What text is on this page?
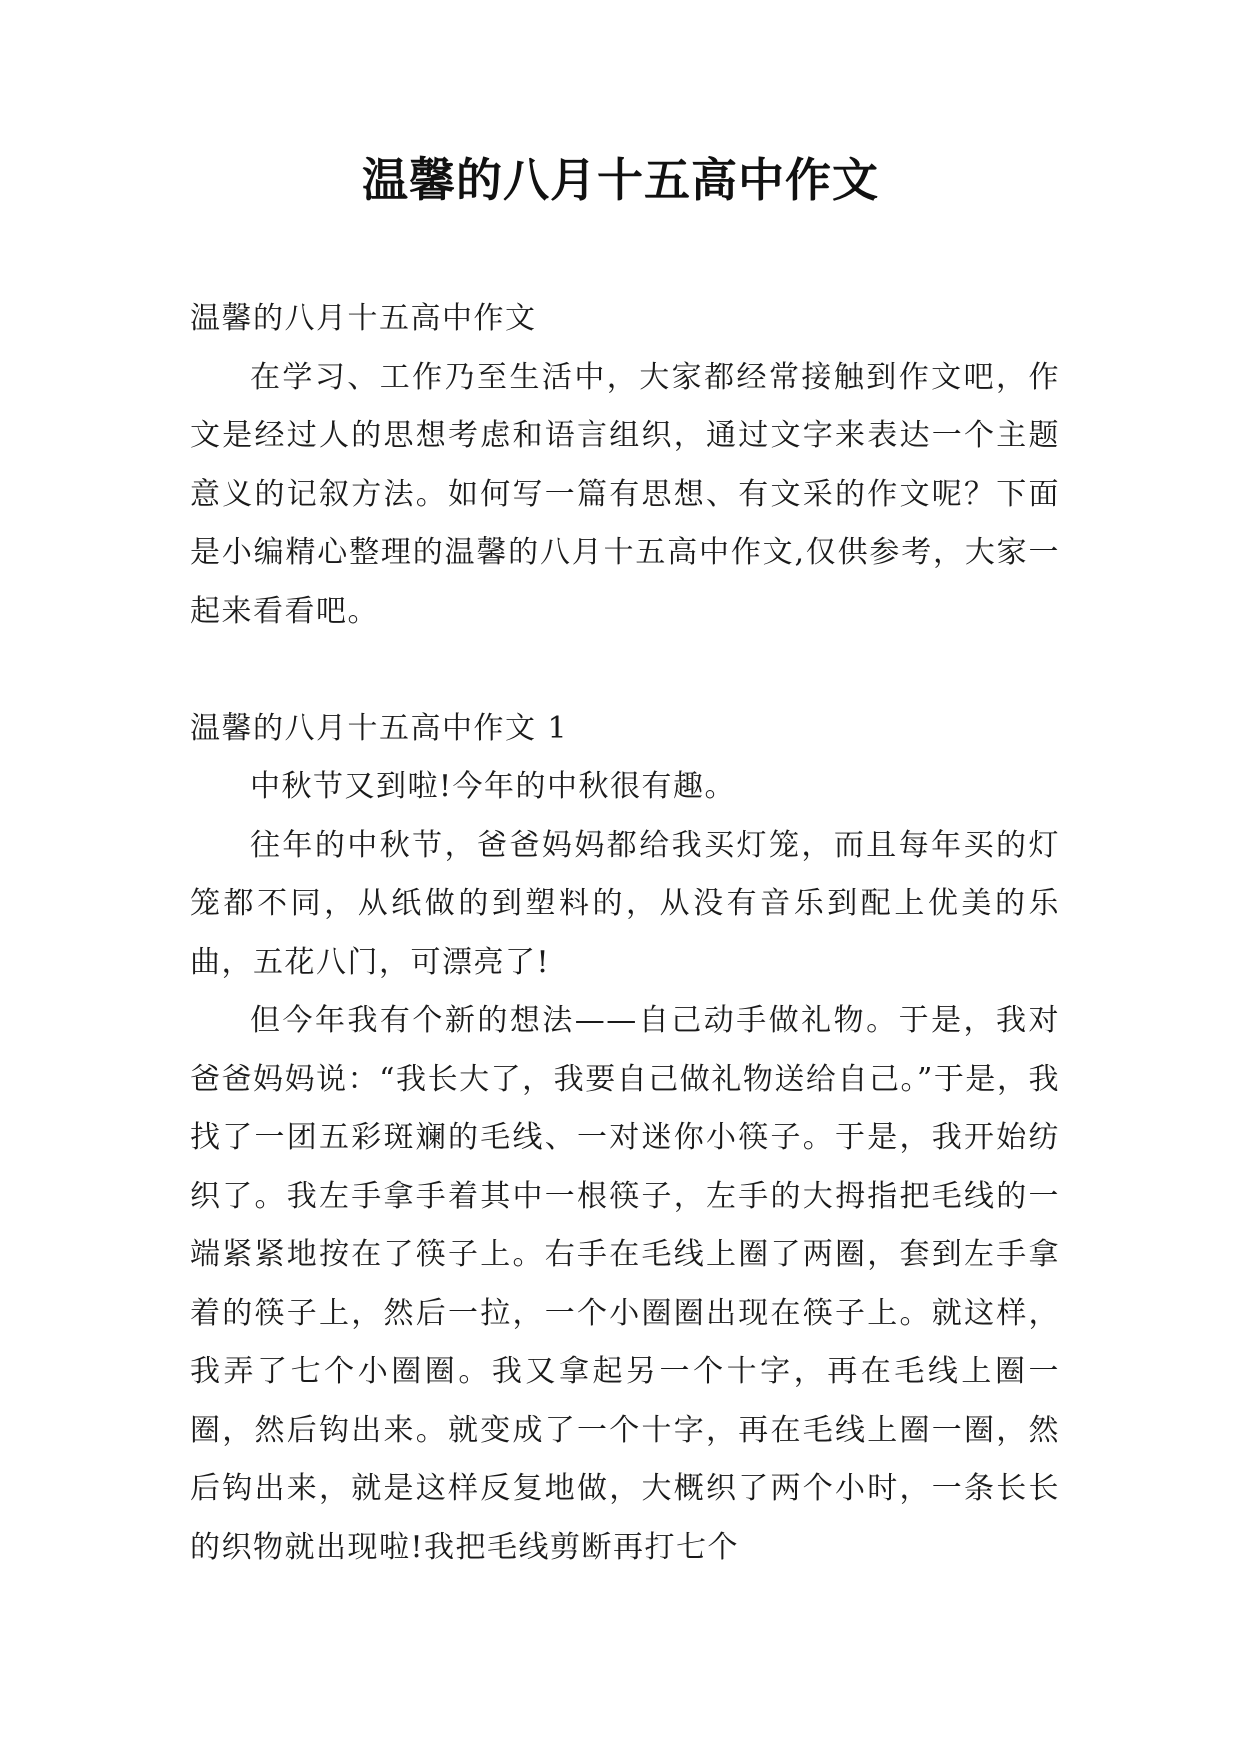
温馨的八月十五高中作文

温馨的八月十五高中作文

在学习、工作乃至生活中，大家都经常接触到作文吧，作文是经过人的思想考虑和语言组织，通过文字来表达一个主题意义的记叙方法。如何写一篇有思想、有文采的作文呢？下面是小编精心整理的温馨的八月十五高中作文,仅供参考，大家一起来看看吧。

温馨的八月十五高中作文 1

中秋节又到啦!今年的中秋很有趣。

往年的中秋节，爸爸妈妈都给我买灯笼，而且每年买的灯笼都不同，从纸做的到塑料的，从没有音乐到配上优美的乐曲，五花八门，可漂亮了!

但今年我有个新的想法——自己动手做礼物。于是，我对爸爸妈妈说：“我长大了，我要自己做礼物送给自己。”于是，我找了一团五彩斑斓的毛线、一对迷你小筷子。于是，我开始纺织了。我左手拿手着其中一根筷子，左手的大拇指把毛线的一端紧紧地按在了筷子上。右手在毛线上圈了两圈，套到左手拿着的筷子上，然后一拉，一个小圈圈出现在筷子上。就这样，我弄了七个小圈圈。我又拿起另一个十字，再在毛线上圈一圈，然后钩出来。就变成了一个十字，再在毛线上圈一圈，然后钩出来，就是这样反复地做，大概织了两个小时，一条长长的织物就出现啦!我把毛线剪断再打七个
